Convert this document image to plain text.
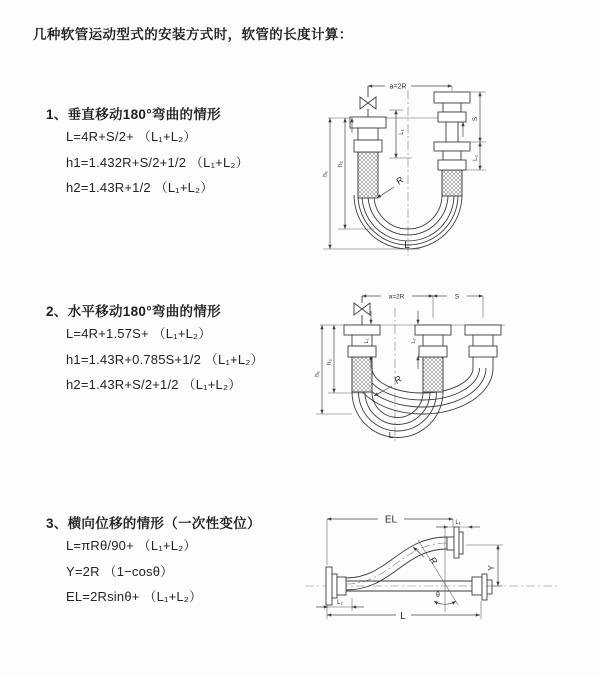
几种软管运动型式的安装方式时，软管的长度计算：
1、垂直移动180°弯曲的情形
L=4R+S/2+ （L₁+L₂）
h1=1.432R+S/2+1/2 （L₁+L₂）
h2=1.43R+1/2 （L₁+L₂）
2、水平移动180°弯曲的情形
L=4R+1.57S+ （L₁+L₂）
h1=1.43R+0.785S+1/2 （L₁+L₂）
h2=1.43R+S/2+1/2 （L₁+L₂）
3、横向位移的情形（一次性变位）
L=πRθ/90+ （L₁+L₂）
Y=2R （1−cosθ）
EL=2Rsinθ+ （L₁+L₂）
a=2R
h₁
h₂
L₁
S
L₂
R
L
a=2R	S
h₁
h₂
L₁	L₂
R
L
EL	L₁
Y
θ
R
L₂
L
